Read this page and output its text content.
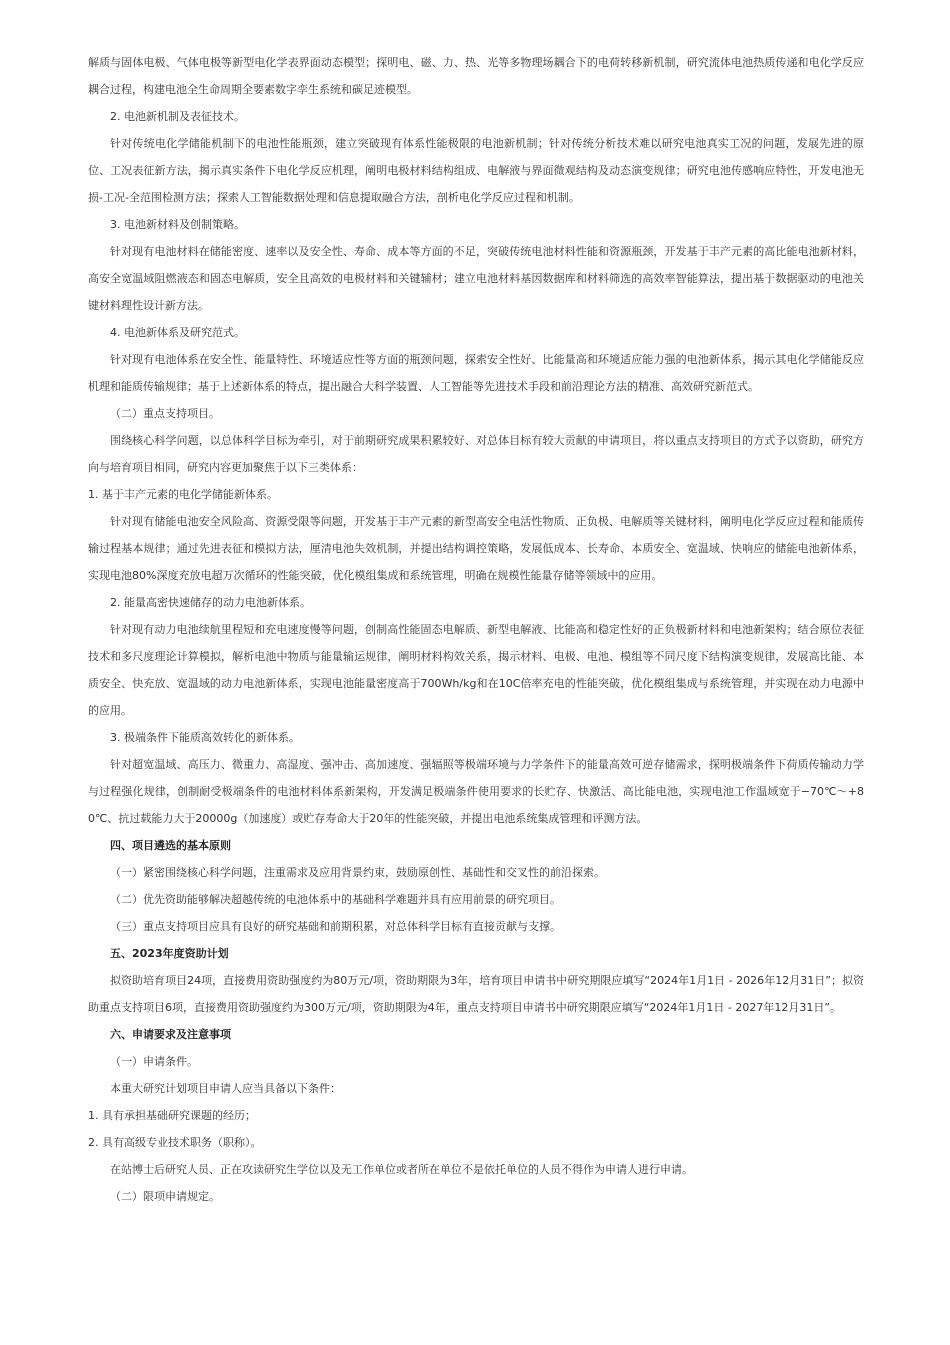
解质与固体电极、气体电极等新型电化学表界面动态模型；探明电、磁、力、热、光等多物理场耦合下的电荷转移新机制，研究流体电池热质传递和电化学反应耦合过程，构建电池全生命周期全要素数字孪生系统和碳足迹模型。

2. 电池新机制及表征技术。

针对传统电化学储能机制下的电池性能瓶颈，建立突破现有体系性能极限的电池新机制；针对传统分析技术难以研究电池真实工况的问题，发展先进的原位、工况表征新方法，揭示真实条件下电化学反应机理，阐明电极材料结构组成、电解液与界面微观结构及动态演变规律；研究电池传感响应特性，开发电池无损-工况-全范围检测方法；探索人工智能数据处理和信息提取融合方法，剖析电化学反应过程和机制。

3. 电池新材料及创制策略。

针对现有电池材料在储能密度、速率以及安全性、寿命、成本等方面的不足，突破传统电池材料性能和资源瓶颈，开发基于丰产元素的高比能电池新材料，高安全宽温域阻燃液态和固态电解质，安全且高效的电极材料和关键辅材；建立电池材料基因数据库和材料筛选的高效率智能算法，提出基于数据驱动的电池关键材料理性设计新方法。

4. 电池新体系及研究范式。

针对现有电池体系在安全性、能量特性、环境适应性等方面的瓶颈问题，探索安全性好、比能量高和环境适应能力强的电池新体系，揭示其电化学储能反应机理和能质传输规律；基于上述新体系的特点，提出融合大科学装置、人工智能等先进技术手段和前沿理论方法的精准、高效研究新范式。

（二）重点支持项目。

围绕核心科学问题，以总体科学目标为牵引，对于前期研究成果积累较好、对总体目标有较大贡献的申请项目，将以重点支持项目的方式予以资助，研究方向与培育项目相同，研究内容更加聚焦于以下三类体系：

1. 基于丰产元素的电化学储能新体系。

针对现有储能电池安全风险高、资源受限等问题，开发基于丰产元素的新型高安全电活性物质、正负极、电解质等关键材料，阐明电化学反应过程和能质传输过程基本规律；通过先进表征和模拟方法，厘清电池失效机制，并提出结构调控策略，发展低成本、长寿命、本质安全、宽温域、快响应的储能电池新体系，实现电池80%深度充放电超万次循环的性能突破，优化模组集成和系统管理，明确在规模性能量存储等领域中的应用。

2. 能量高密快速储存的动力电池新体系。

针对现有动力电池续航里程短和充电速度慢等问题，创制高性能固态电解质、新型电解液、比能高和稳定性好的正负极新材料和电池新架构；结合原位表征技术和多尺度理论计算模拟，解析电池中物质与能量输运规律，阐明材料构效关系，揭示材料、电极、电池、模组等不同尺度下结构演变规律，发展高比能、本质安全、快充放、宽温域的动力电池新体系，实现电池能量密度高于700Wh/kg和在10C倍率充电的性能突破，优化模组集成与系统管理，并实现在动力电源中的应用。

3. 极端条件下能质高效转化的新体系。

针对超宽温域、高压力、微重力、高湿度、强冲击、高加速度、强辐照等极端环境与力学条件下的能量高效可逆存储需求，探明极端条件下荷质传输动力学与过程强化规律，创制耐受极端条件的电池材料体系新架构，开发满足极端条件使用要求的长贮存、快激活、高比能电池，实现电池工作温域宽于−70℃～+80℃、抗过载能力大于20000g（加速度）或贮存寿命大于20年的性能突破，并提出电池系统集成管理和评测方法。

四、项目遴选的基本原则

（一）紧密围绕核心科学问题，注重需求及应用背景约束，鼓励原创性、基础性和交叉性的前沿探索。

（二）优先资助能够解决超越传统的电池体系中的基础科学难题并具有应用前景的研究项目。

（三）重点支持项目应具有良好的研究基础和前期积累，对总体科学目标有直接贡献与支撑。

五、2023年度资助计划

拟资助培育项目24项，直接费用资助强度约为80万元/项，资助期限为3年，培育项目申请书中研究期限应填写“2024年1月1日 - 2026年12月31日”；拟资助重点支持项目6项，直接费用资助强度约为300万元/项，资助期限为4年，重点支持项目申请书中研究期限应填写“2024年1月1日 - 2027年12月31日”。

六、申请要求及注意事项

（一）申请条件。

本重大研究计划项目申请人应当具备以下条件：

1. 具有承担基础研究课题的经历；

2. 具有高级专业技术职务（职称）。

在站博士后研究人员、正在攻读研究生学位以及无工作单位或者所在单位不是依托单位的人员不得作为申请人进行申请。

（二）限项申请规定。
